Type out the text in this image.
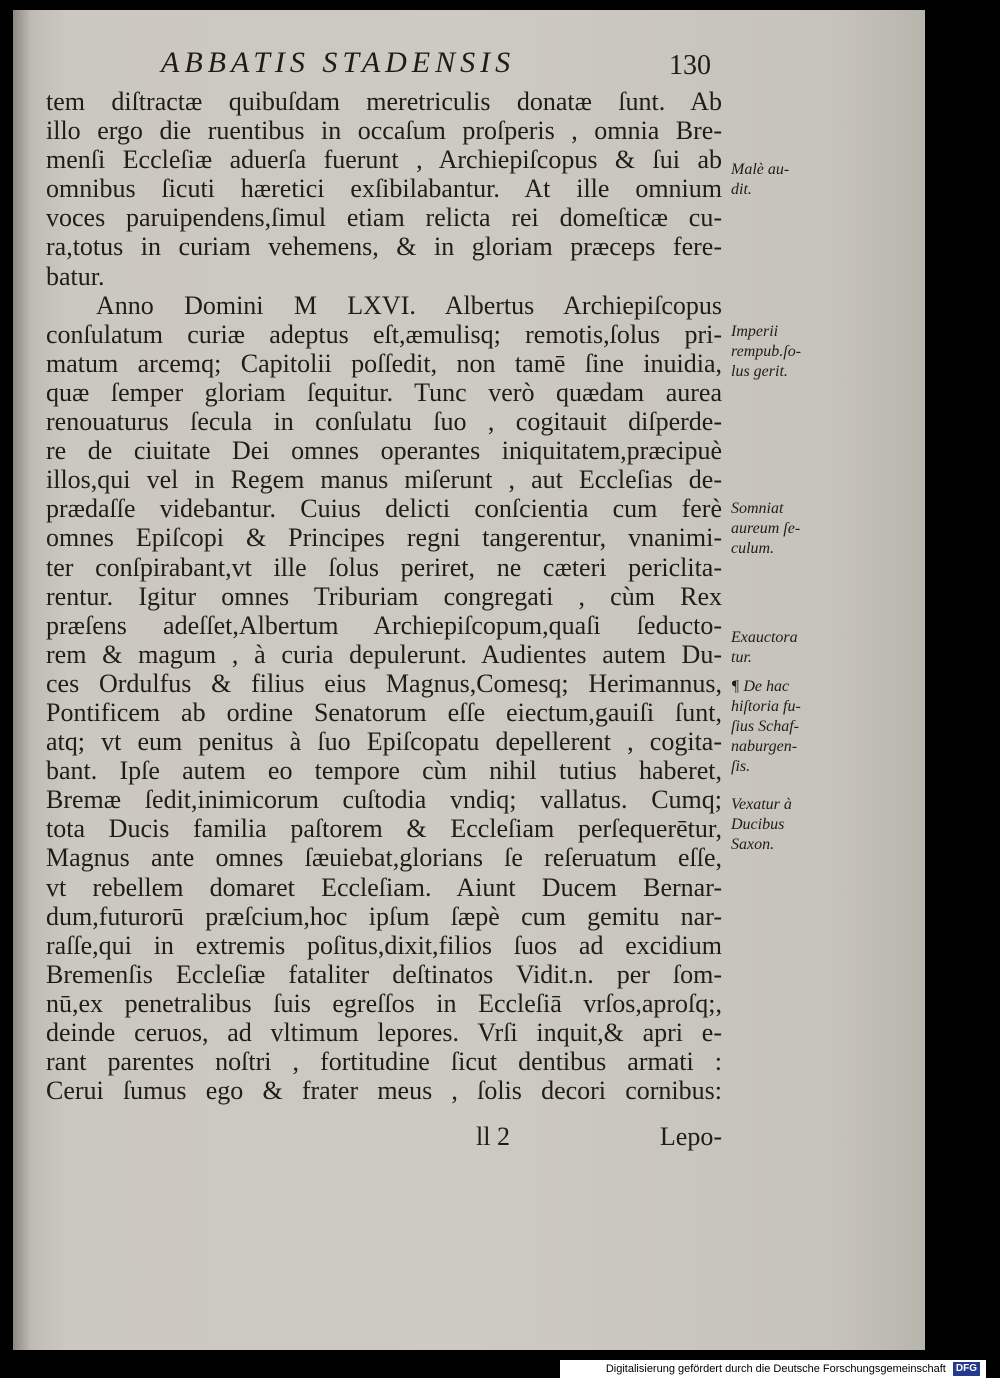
ABBATIS STADENSIS	130
tem diſtractæ quibuſdam meretriculis donatæ ſunt. Ab
illo ergo die ruentibus in occaſum proſperis , omnia Bre-
menſi Eccleſiæ aduerſa fuerunt , Archiepiſcopus & ſui ab
omnibus ſicuti hæretici exſibilabantur. At ille omnium
voces paruipendens,ſimul etiam relicta rei domeſticæ cu-
ra,totus in curiam vehemens, & in gloriam præceps fere-
batur.
Anno Domini M LXVI. Albertus Archiepiſcopus
conſulatum curiæ adeptus eſt,æmulisq; remotis,ſolus pri-
matum arcemq; Capitolii poſſedit, non tamē ſine inuidia,
quæ ſemper gloriam ſequitur. Tunc verò quædam aurea
renouaturus ſecula in conſulatu ſuo , cogitauit diſperde-
re de ciuitate Dei omnes operantes iniquitatem,præcipuè
illos,qui vel in Regem manus miſerunt , aut Eccleſias de-
prædaſſe videbantur. Cuius delicti conſcientia cum ferè
omnes Epiſcopi & Principes regni tangerentur, vnanimi-
ter conſpirabant,vt ille ſolus periret, ne cæteri periclita-
rentur. Igitur omnes Triburiam congregati , cùm Rex
præſens adeſſet,Albertum Archiepiſcopum,quaſi ſeducto-
rem & magum , à curia depulerunt. Audientes autem Du-
ces Ordulfus & filius eius Magnus,Comesq; Herimannus,
Pontificem ab ordine Senatorum eſſe eiectum,gauiſi ſunt,
atq; vt eum penitus à ſuo Epiſcopatu depellerent , cogita-
bant. Ipſe autem eo tempore cùm nihil tutius haberet,
Bremæ ſedit,inimicorum cuſtodia vndiq; vallatus. Cumq;
tota Ducis familia paſtorem & Eccleſiam perſequerētur,
Magnus ante omnes ſæuiebat,glorians ſe reſeruatum eſſe,
vt rebellem domaret Eccleſiam. Aiunt Ducem Bernar-
dum,futurorū præſcium,hoc ipſum ſæpè cum gemitu nar-
raſſe,qui in extremis poſitus,dixit,filios ſuos ad excidium
Bremenſis Eccleſiæ fataliter deſtinatos Vidit.n. per ſom-
nū,ex penetralibus ſuis egreſſos in Eccleſiā vrſos,aproſq;,
deinde ceruos, ad vltimum lepores. Vrſi inquit,& apri e-
rant parentes noſtri , fortitudine ſicut dentibus armati :
Cerui ſumus ego & frater meus , ſolis decori cornibus:
Malè au-
dit.
Imperii
rempub.ſo-
lus gerit.
Somniat
aureum ſe-
culum.
Exauctora
tur.
¶ De hac
hiſtoria fu-
ſius Schaf-
naburgen-
ſis.
Vexatur à
Ducibus
Saxon.
ll 2	Lepo-
Digitalisierung gefördert durch die Deutsche Forschungsgemeinschaft DFG
